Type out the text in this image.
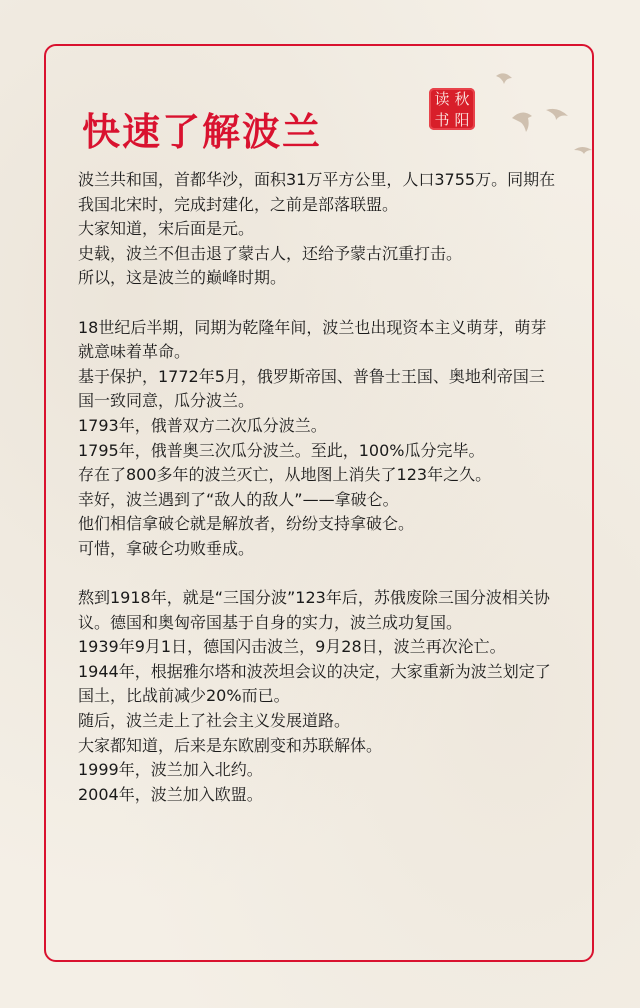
读 秋
书 阳
快速了解波兰

波兰共和国，首都华沙，面积31万平方公里，人口3755万。同期在我国北宋时，完成封建化，之前是部落联盟。

大家知道，宋后面是元。

史载，波兰不但击退了蒙古人，还给予蒙古沉重打击。

所以，这是波兰的巅峰时期。

18世纪后半期，同期为乾隆年间，波兰也出现资本主义萌芽，萌芽就意味着革命。

基于保护，1772年5月，俄罗斯帝国、普鲁士王国、奥地利帝国三国一致同意，瓜分波兰。

1793年，俄普双方二次瓜分波兰。

1795年，俄普奥三次瓜分波兰。至此，100%瓜分完毕。

存在了800多年的波兰灭亡，从地图上消失了123年之久。

幸好，波兰遇到了“敌人的敌人”——拿破仑。

他们相信拿破仑就是解放者，纷纷支持拿破仑。

可惜，拿破仑功败垂成。

熬到1918年，就是“三国分波”123年后，苏俄废除三国分波相关协议。德国和奥匈帝国基于自身的实力，波兰成功复国。

1939年9月1日，德国闪击波兰，9月28日，波兰再次沦亡。

1944年，根据雅尔塔和波茨坦会议的决定，大家重新为波兰划定了国土，比战前减少20%而已。

随后，波兰走上了社会主义发展道路。

大家都知道，后来是东欧剧变和苏联解体。

1999年，波兰加入北约。

2004年，波兰加入欧盟。
